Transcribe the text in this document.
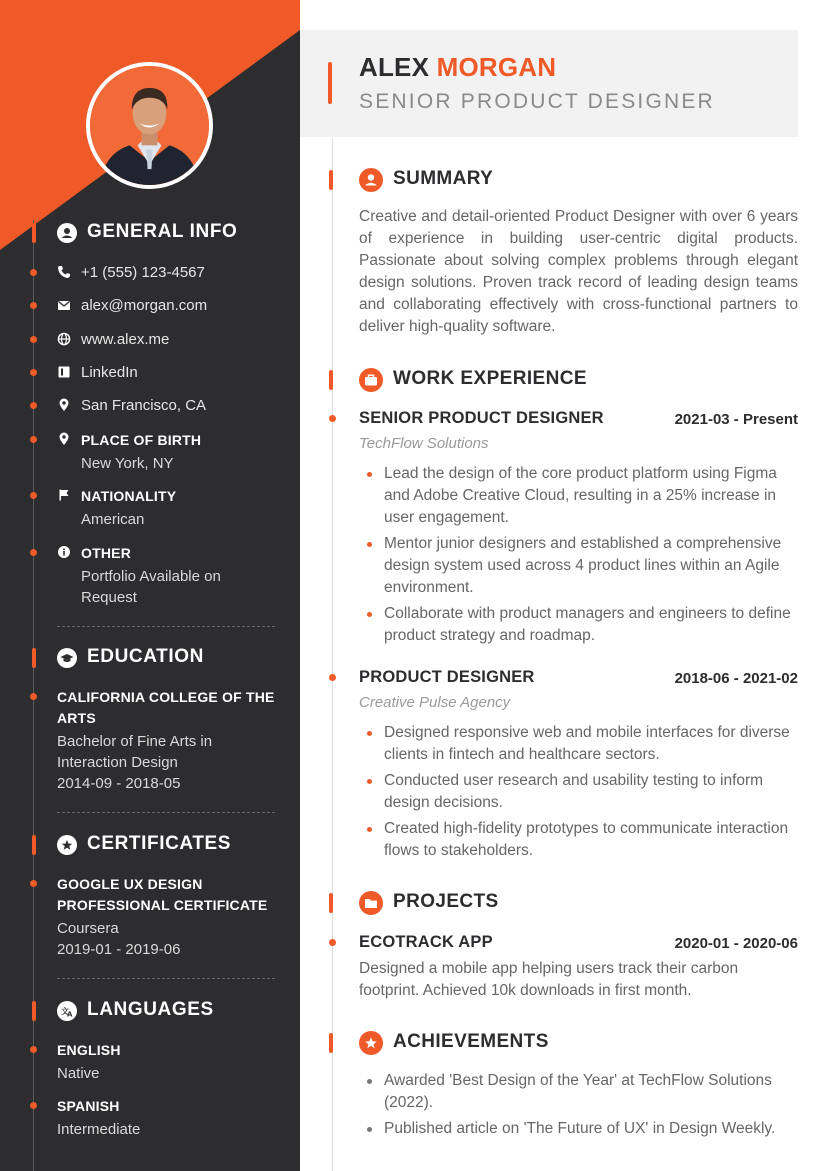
GENERAL INFO
+1 (555) 123-4567
alex@morgan.com
www.alex.me
LinkedIn
San Francisco, CA
PLACE OF BIRTH
New York, NY
NATIONALITY
American
OTHER
Portfolio Available on Request
EDUCATION
CALIFORNIA COLLEGE OF THE ARTS
Bachelor of Fine Arts in Interaction Design
2014-09 - 2018-05
CERTIFICATES
GOOGLE UX DESIGN PROFESSIONAL CERTIFICATE
Coursera
2019-01 - 2019-06
文
A LANGUAGES
ENGLISH
Native
SPANISH
Intermediate
ALEX MORGAN
SENIOR PRODUCT DESIGNER
SUMMARY
Creative and detail-oriented Product Designer with over 6 years of experience in building user-centric digital products. Passionate about solving complex problems through elegant design solutions. Proven track record of leading design teams and collaborating effectively with cross-functional partners to deliver high-quality software.
WORK EXPERIENCE
SENIOR PRODUCT DESIGNER	2021-03 - Present
TechFlow Solutions
Lead the design of the core product platform using Figma and Adobe Creative Cloud, resulting in a 25% increase in user engagement.
Mentor junior designers and established a comprehensive design system used across 4 product lines within an Agile environment.
Collaborate with product managers and engineers to define product strategy and roadmap.
PRODUCT DESIGNER	2018-06 - 2021-02
Creative Pulse Agency
Designed responsive web and mobile interfaces for diverse clients in fintech and healthcare sectors.
Conducted user research and usability testing to inform design decisions.
Created high-fidelity prototypes to communicate interaction flows to stakeholders.
PROJECTS
ECOTRACK APP	2020-01 - 2020-06
Designed a mobile app helping users track their carbon footprint. Achieved 10k downloads in first month.
ACHIEVEMENTS
Awarded 'Best Design of the Year' at TechFlow Solutions (2022).
Published article on 'The Future of UX' in Design Weekly.
